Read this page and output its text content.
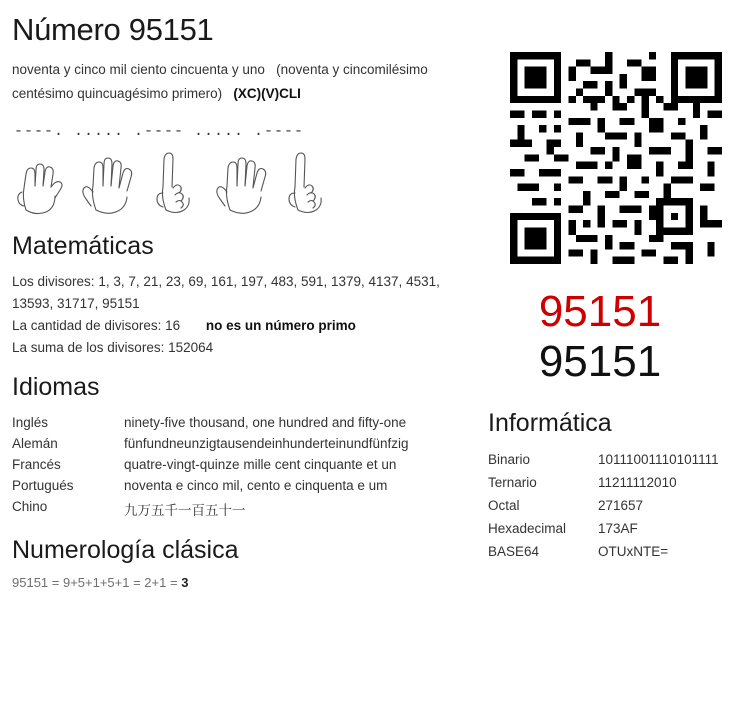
Número 95151

noventa y cinco mil ciento cincuenta y uno (noventa y cincomilésimo centésimo quincuagésimo primero) (XC)(V)CLI

----. ..... .---- ..... .----
Matemáticas
Los divisores: 1, 3, 7, 21, 23, 69, 161, 197, 483, 591, 1379, 4137, 4531, 13593, 31717, 95151
La cantidad de divisores: 16 no es un número primo
La suma de los divisores: 152064
Idiomas
Inglés	ninety-five thousand, one hundred and fifty-one
Alemán	fünfundneunzigtausendeinhunderteinundfünfzig
Francés	quatre-vingt-quinze mille cent cinquante et un
Portugués	noventa e cinco mil, cento e cinquenta e um
Chino	九万五千一百五十一
Numerología clásica
95151 = 9+5+1+5+1 = 2+1 = 3
95151
95151
Informática
Binario	10111001110101111
Ternario	11211112010
Octal	271657
Hexadecimal	173AF
BASE64	OTUxNTE=
